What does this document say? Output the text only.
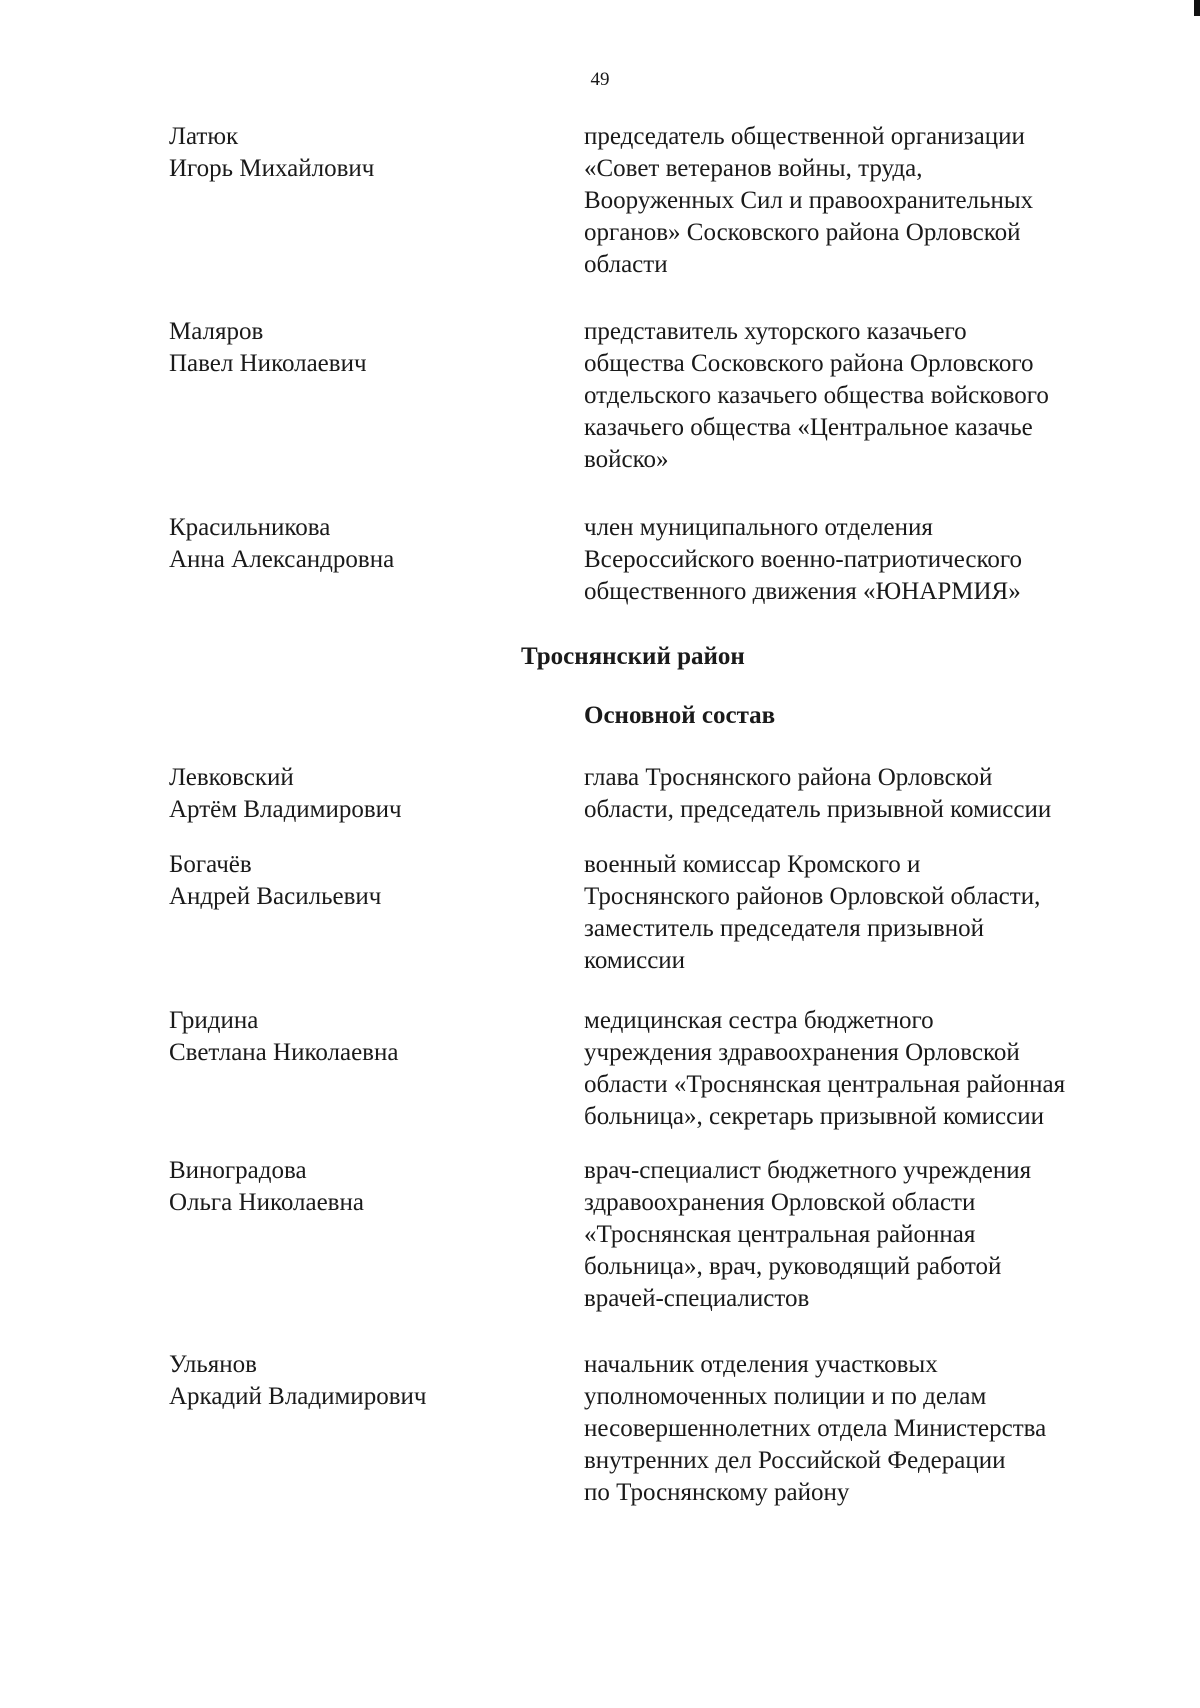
49
Латюк
Игорь Михайлович
председатель общественной организации
«Совет ветеранов войны, труда,
Вооруженных Сил и правоохранительных
органов» Сосковского района Орловской
области
Маляров
Павел Николаевич
представитель хуторского казачьего
общества Сосковского района Орловского
отдельского казачьего общества войскового
казачьего общества «Центральное казачье
войско»
Красильникова
Анна Александровна
член муниципального отделения
Всероссийского военно-патриотического
общественного движения «ЮНАРМИЯ»
Троснянский район
Основной состав
Левковский
Артём Владимирович
глава Троснянского района Орловской
области, председатель призывной комиссии
Богачёв
Андрей Васильевич
военный комиссар Кромского и
Троснянского районов Орловской области,
заместитель председателя призывной
комиссии
Гридина
Светлана Николаевна
медицинская сестра бюджетного
учреждения здравоохранения Орловской
области «Троснянская центральная районная
больница», секретарь призывной комиссии
Виноградова
Ольга Николаевна
врач-специалист бюджетного учреждения
здравоохранения Орловской области
«Троснянская центральная районная
больница», врач, руководящий работой
врачей-специалистов
Ульянов
Аркадий Владимирович
начальник отделения участковых
уполномоченных полиции и по делам
несовершеннолетних отдела Министерства
внутренних дел Российской Федерации
по Троснянскому району
